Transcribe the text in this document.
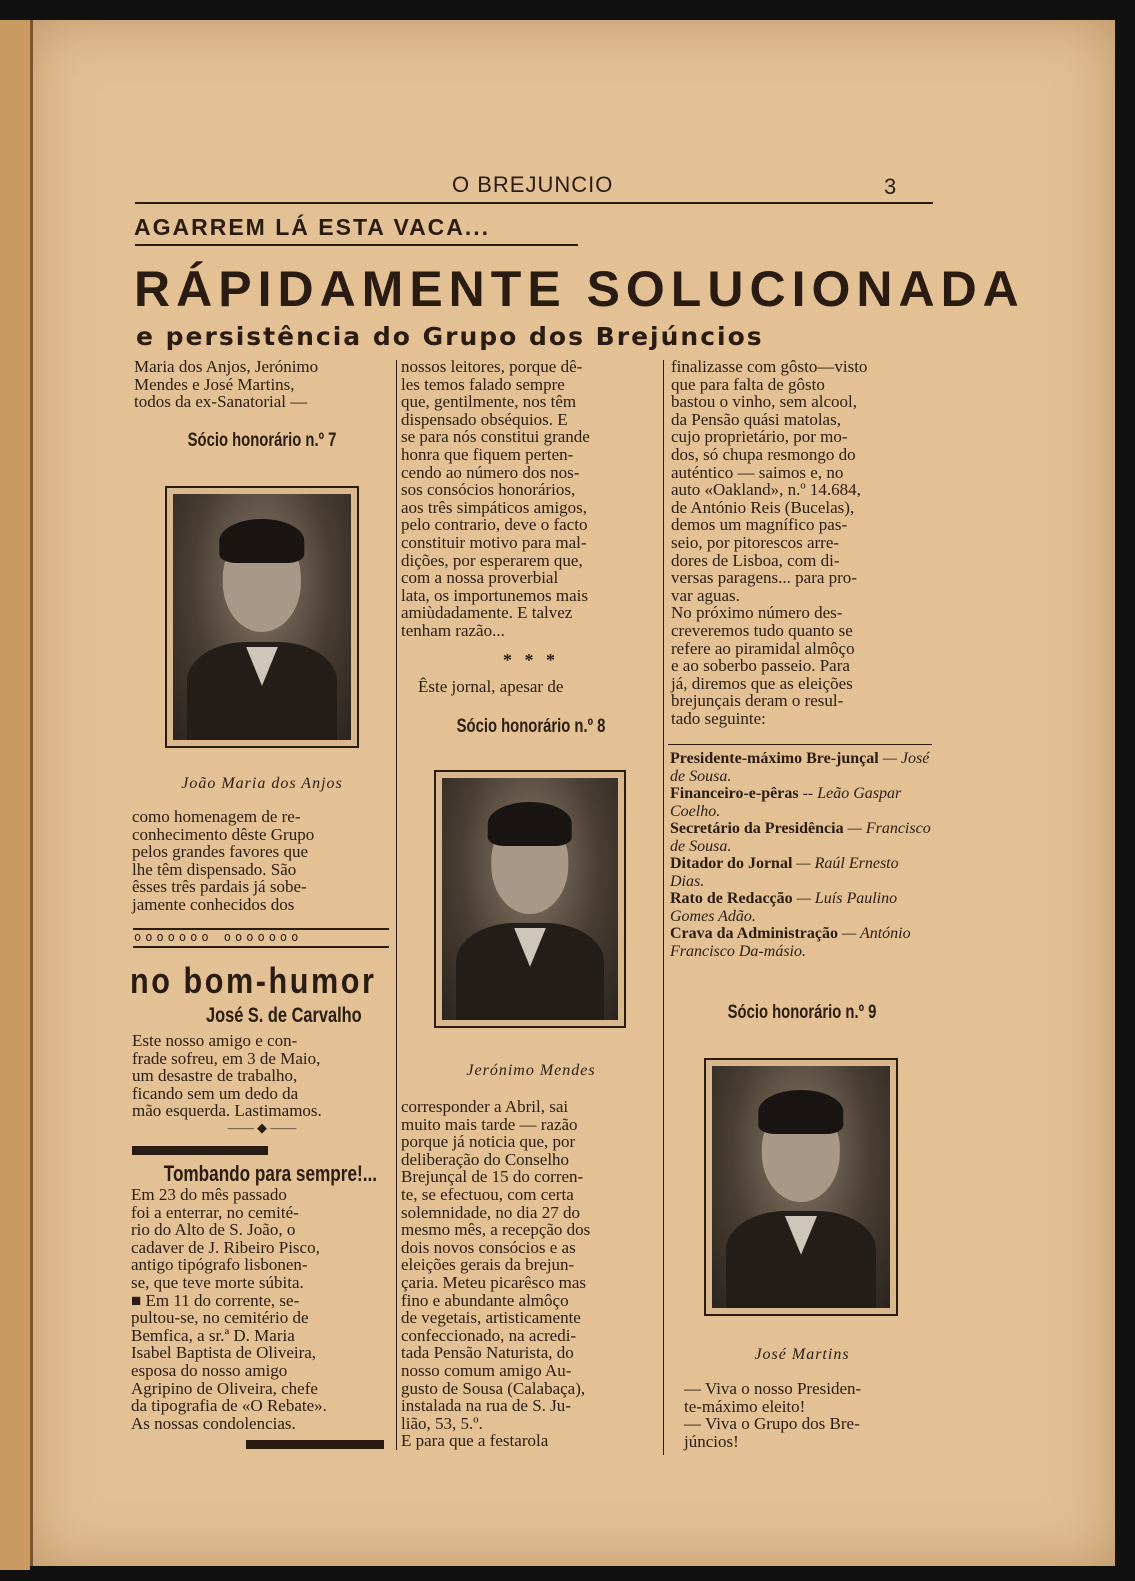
O BREJUNCIO	3
AGARREM LÁ ESTA VACA...
RÁPIDAMENTE SOLUCIONADA
e persistência do Grupo dos Brejúncios
Maria dos Anjos, Jerónimo
Mendes e José Martins,
todos da ex-Sanatorial —
Sócio honorário n.º 7
João Maria dos Anjos
como homenagem de re-
conhecimento dêste Grupo
pelos grandes favores que
lhe têm dispensado. São
êsses três pardais já sobe-
jamente conhecidos dos
ooooooo ooooooo
no bom-humor
José S. de Carvalho
Este nosso amigo e con-
frade sofreu, em 3 de Maio,
um desastre de trabalho,
ficando sem um dedo da
mão esquerda. Lastimamos.
—— ◆ ——
Tombando para sempre!...
Em 23 do mês passado
foi a enterrar, no cemité-
rio do Alto de S. João, o
cadaver de J. Ribeiro Pisco,
antigo tipógrafo lisbonen-
se, que teve morte súbita.
■ Em 11 do corrente, se-
pultou-se, no cemitério de
Bemfica, a sr.ª D. Maria
Isabel Baptista de Oliveira,
esposa do nosso amigo
Agripino de Oliveira, chefe
da tipografia de «O Rebate».
As nossas condolencias.
nossos leitores, porque dê-
les temos falado sempre
que, gentilmente, nos têm
dispensado obséquios. E
se para nós constitui grande
honra que fiquem perten-
cendo ao número dos nos-
sos consócios honorários,
aos três simpáticos amigos,
pelo contrario, deve o facto
constituir motivo para mal-
dições, por esperarem que,
com a nossa proverbial
lata, os importunemos mais
amiùdadamente. E talvez
tenham razão...
* * *
Êste jornal, apesar de
Sócio honorário n.º 8
Jerónimo Mendes
corresponder a Abril, sai
muito mais tarde — razão
porque já noticia que, por
deliberação do Conselho
Brejunçal de 15 do corren-
te, se efectuou, com certa
solemnidade, no dia 27 do
mesmo mês, a recepção dos
dois novos consócios e as
eleições gerais da brejun-
çaria. Meteu picarêsco mas
fino e abundante almôço
de vegetais, artisticamente
confeccionado, na acredi-
tada Pensão Naturista, do
nosso comum amigo Au-
gusto de Sousa (Calabaça),
instalada na rua de S. Ju-
lião, 53, 5.º.
E para que a festarola
finalizasse com gôsto—visto
que para falta de gôsto
bastou o vinho, sem alcool,
da Pensão quási matolas,
cujo proprietário, por mo-
dos, só chupa resmongo do
auténtico — saimos e, no
auto «Oakland», n.º 14.684,
de António Reis (Bucelas),
demos um magnífico pas-
seio, por pitorescos arre-
dores de Lisboa, com di-
versas paragens... para pro-
var aguas.
No próximo número des-
creveremos tudo quanto se
refere ao piramidal almôço
e ao soberbo passeio. Para
já, diremos que as eleições
brejunçais deram o resul-
tado seguinte:

Presidente-máximo Bre-junçal — José de Sousa.

Financeiro-e-pêras -- Leão Gaspar Coelho.

Secretário da Presidência — Francisco de Sousa.

Ditador do Jornal — Raúl Ernesto Dias.

Rato de Redacção — Luís Paulino Gomes Adão.

Crava da Administração — António Francisco Da-másio.

Sócio honorário n.º 9
José Martins
— Viva o nosso Presiden-
te-máximo eleito!
— Viva o Grupo dos Bre-
júncios!
